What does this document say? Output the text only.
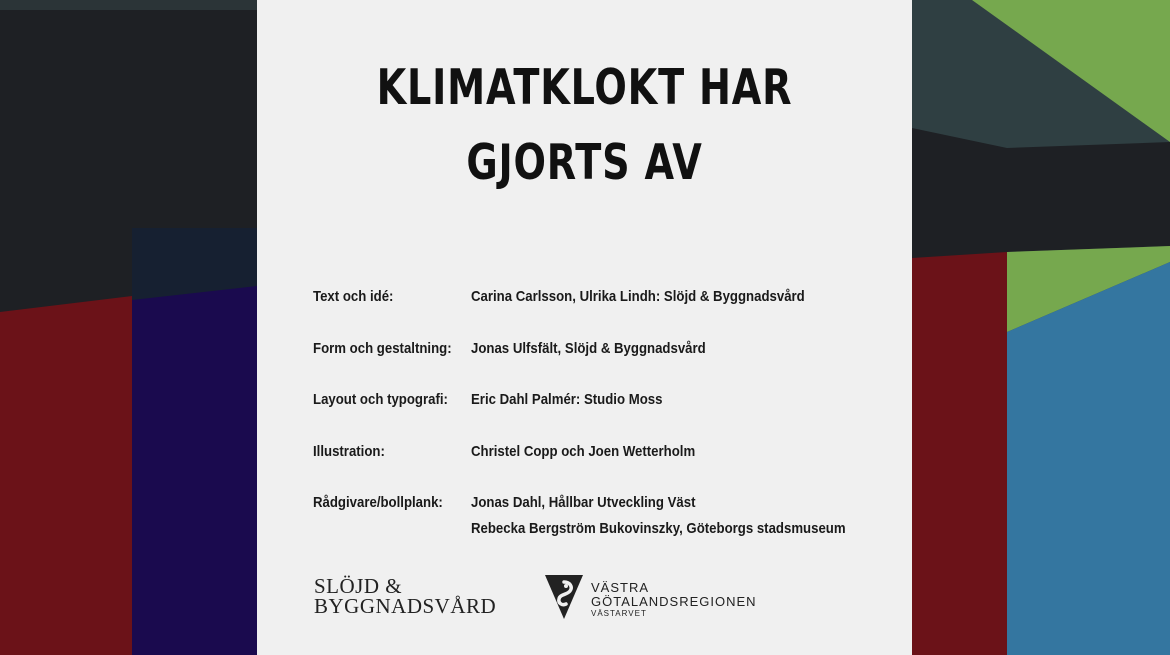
KLIMATKLOKT HAR
GJORTS AV
Text och idé:	Carina Carlsson, Ulrika Lindh: Slöjd & Byggnadsvård

Form och gestaltning:	Jonas Ulfsfält, Slöjd & Byggnadsvård

Layout och typografi:	Eric Dahl Palmér: Studio Moss

Illustration:	Christel Copp och Joen Wetterholm

Rådgivare/bollplank:	Jonas Dahl, Hållbar Utveckling Väst
	Rebecka Bergström Bukovinszky, Göteborgs stadsmuseum
SLÖJD &
BYGGNADSVÅRD
VÄSTRA
GÖTALANDSREGIONEN
VÄSTARVET
